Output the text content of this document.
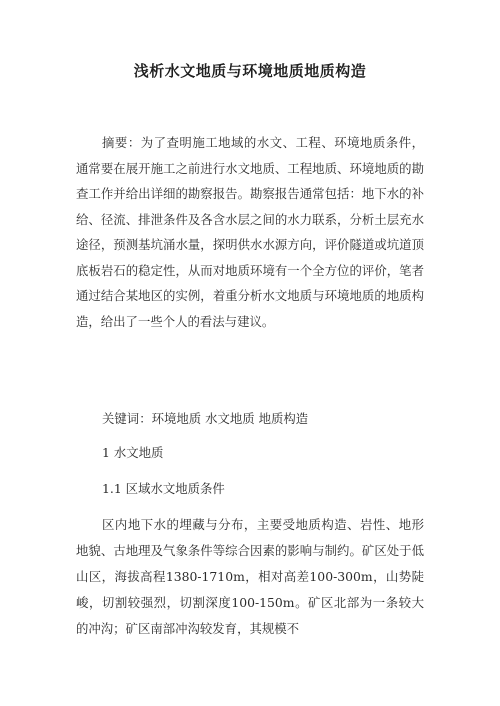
浅析水文地质与环境地质地质构造

摘要：为了查明施工地域的水文、工程、环境地质条件，通常要在展开施工之前进行水文地质、工程地质、环境地质的勘查工作并给出详细的勘察报告。勘察报告通常包括：地下水的补给、径流、排泄条件及各含水层之间的水力联系，分析土层充水途径，预测基坑涌水量，探明供水水源方向，评价隧道或坑道顶底板岩石的稳定性，从而对地质环境有一个全方位的评价，笔者通过结合某地区的实例，着重分析水文地质与环境地质的地质构造，给出了一些个人的看法与建议。

关键词：环境地质 水文地质 地质构造

1 水文地质

1.1 区域水文地质条件

区内地下水的埋藏与分布，主要受地质构造、岩性、地形地貌、古地理及气象条件等综合因素的影响与制约。矿区处于低山区，海拔高程1380-1710m，相对高差100-300m，山势陡峻，切割较强烈，切割深度100-150m。矿区北部为一条较大的冲沟；矿区南部冲沟较发育，其规模不
